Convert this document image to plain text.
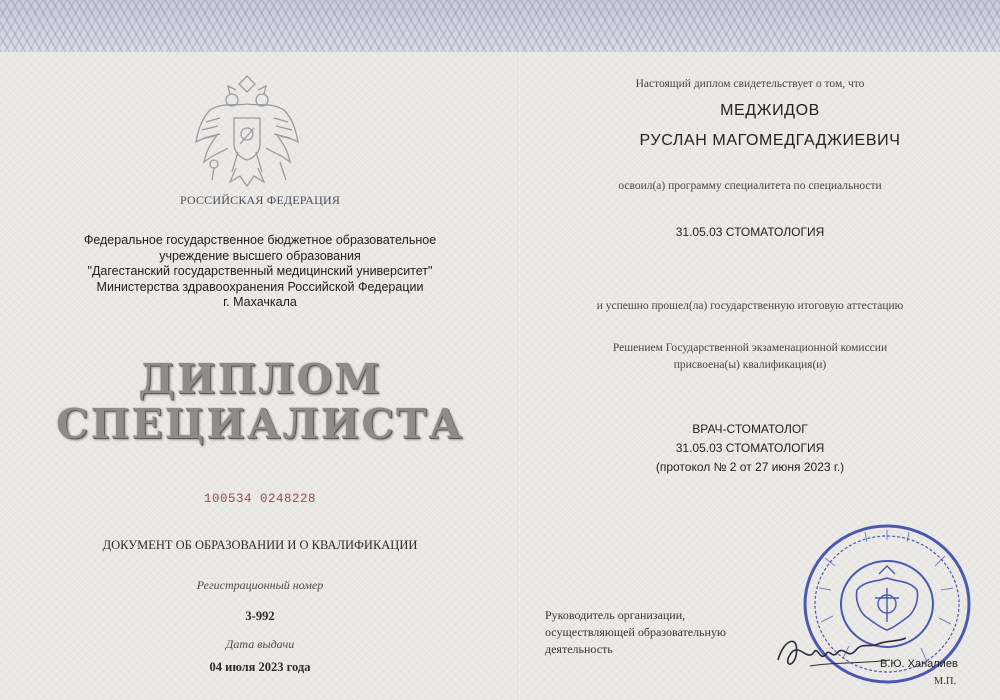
РОССИЙСКАЯ ФЕДЕРАЦИЯ
Федеральное государственное бюджетное образовательное
учреждение высшего образования
"Дагестанский государственный медицинский университет"
Министерства здравоохранения Российской Федерации
г. Махачкала
ДИПЛОМ
СПЕЦИАЛИСТА
100534 0248228
ДОКУМЕНТ ОБ ОБРАЗОВАНИИ И О КВАЛИФИКАЦИИ
Регистрационный номер
3-992
Дата выдачи
04 июля 2023 года
Настоящий диплом свидетельствует о том, что
МЕДЖИДОВ
РУСЛАН МАГОМЕДГАДЖИЕВИЧ
освоил(а) программу специалитета по специальности
31.05.03 СТОМАТОЛОГИЯ
и успешно прошел(ла) государственную итоговую аттестацию
Решением Государственной экзаменационной комиссии
присвоена(ы) квалификация(и)
ВРАЧ-СТОМАТОЛОГ
31.05.03 СТОМАТОЛОГИЯ
(протокол № 2 от 27 июня 2023 г.)
Руководитель организации,
осуществляющей образовательную
деятельность
В.Ю. Ханалиев
М.П.
